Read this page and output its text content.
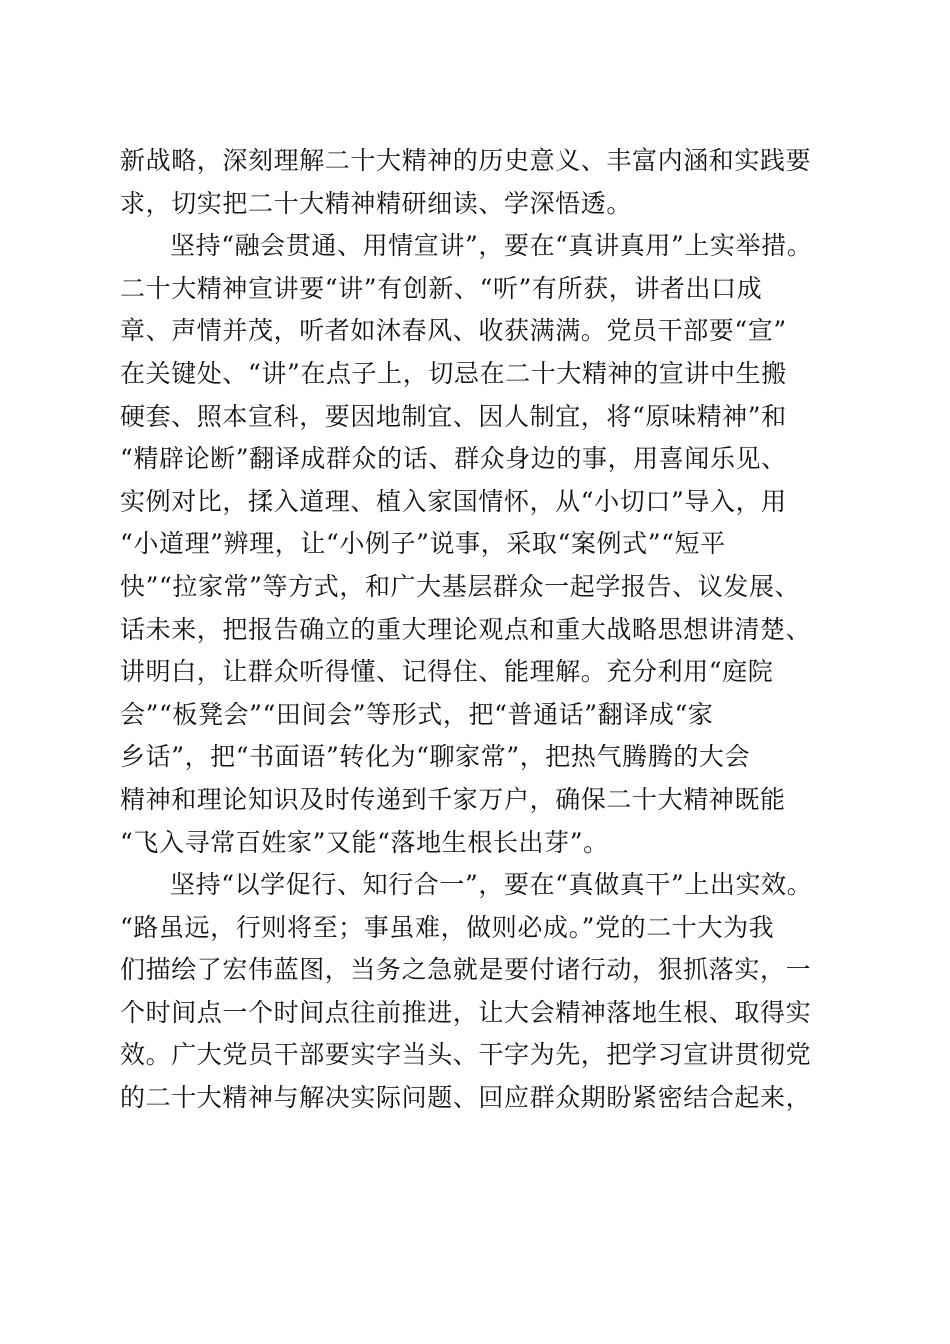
新战略，深刻理解二十大精神的历史意义、丰富内涵和实践要
求，切实把二十大精神精研细读、学深悟透。
坚持“融会贯通、用情宣讲”，要在“真讲真用”上实举措。
二十大精神宣讲要“讲”有创新、“听”有所获，讲者出口成
章、声情并茂，听者如沐春风、收获满满。党员干部要“宣”
在关键处、“讲”在点子上，切忌在二十大精神的宣讲中生搬
硬套、照本宣科，要因地制宜、因人制宜，将“原味精神”和
“精辟论断”翻译成群众的话、群众身边的事，用喜闻乐见、
实例对比，揉入道理、植入家国情怀，从“小切口”导入，用
“小道理”辨理，让“小例子”说事，采取“案例式”“短平
快”“拉家常”等方式，和广大基层群众一起学报告、议发展、
话未来，把报告确立的重大理论观点和重大战略思想讲清楚、
讲明白，让群众听得懂、记得住、能理解。充分利用“庭院
会”“板凳会”“田间会”等形式，把“普通话”翻译成“家
乡话”，把“书面语”转化为“聊家常”，把热气腾腾的大会
精神和理论知识及时传递到千家万户，确保二十大精神既能
“飞入寻常百姓家”又能“落地生根长出芽”。
坚持“以学促行、知行合一”，要在“真做真干”上出实效。
“路虽远，行则将至；事虽难，做则必成。”党的二十大为我
们描绘了宏伟蓝图，当务之急就是要付诸行动，狠抓落实，一
个时间点一个时间点往前推进，让大会精神落地生根、取得实
效。广大党员干部要实字当头、干字为先，把学习宣讲贯彻党
的二十大精神与解决实际问题、回应群众期盼紧密结合起来，
